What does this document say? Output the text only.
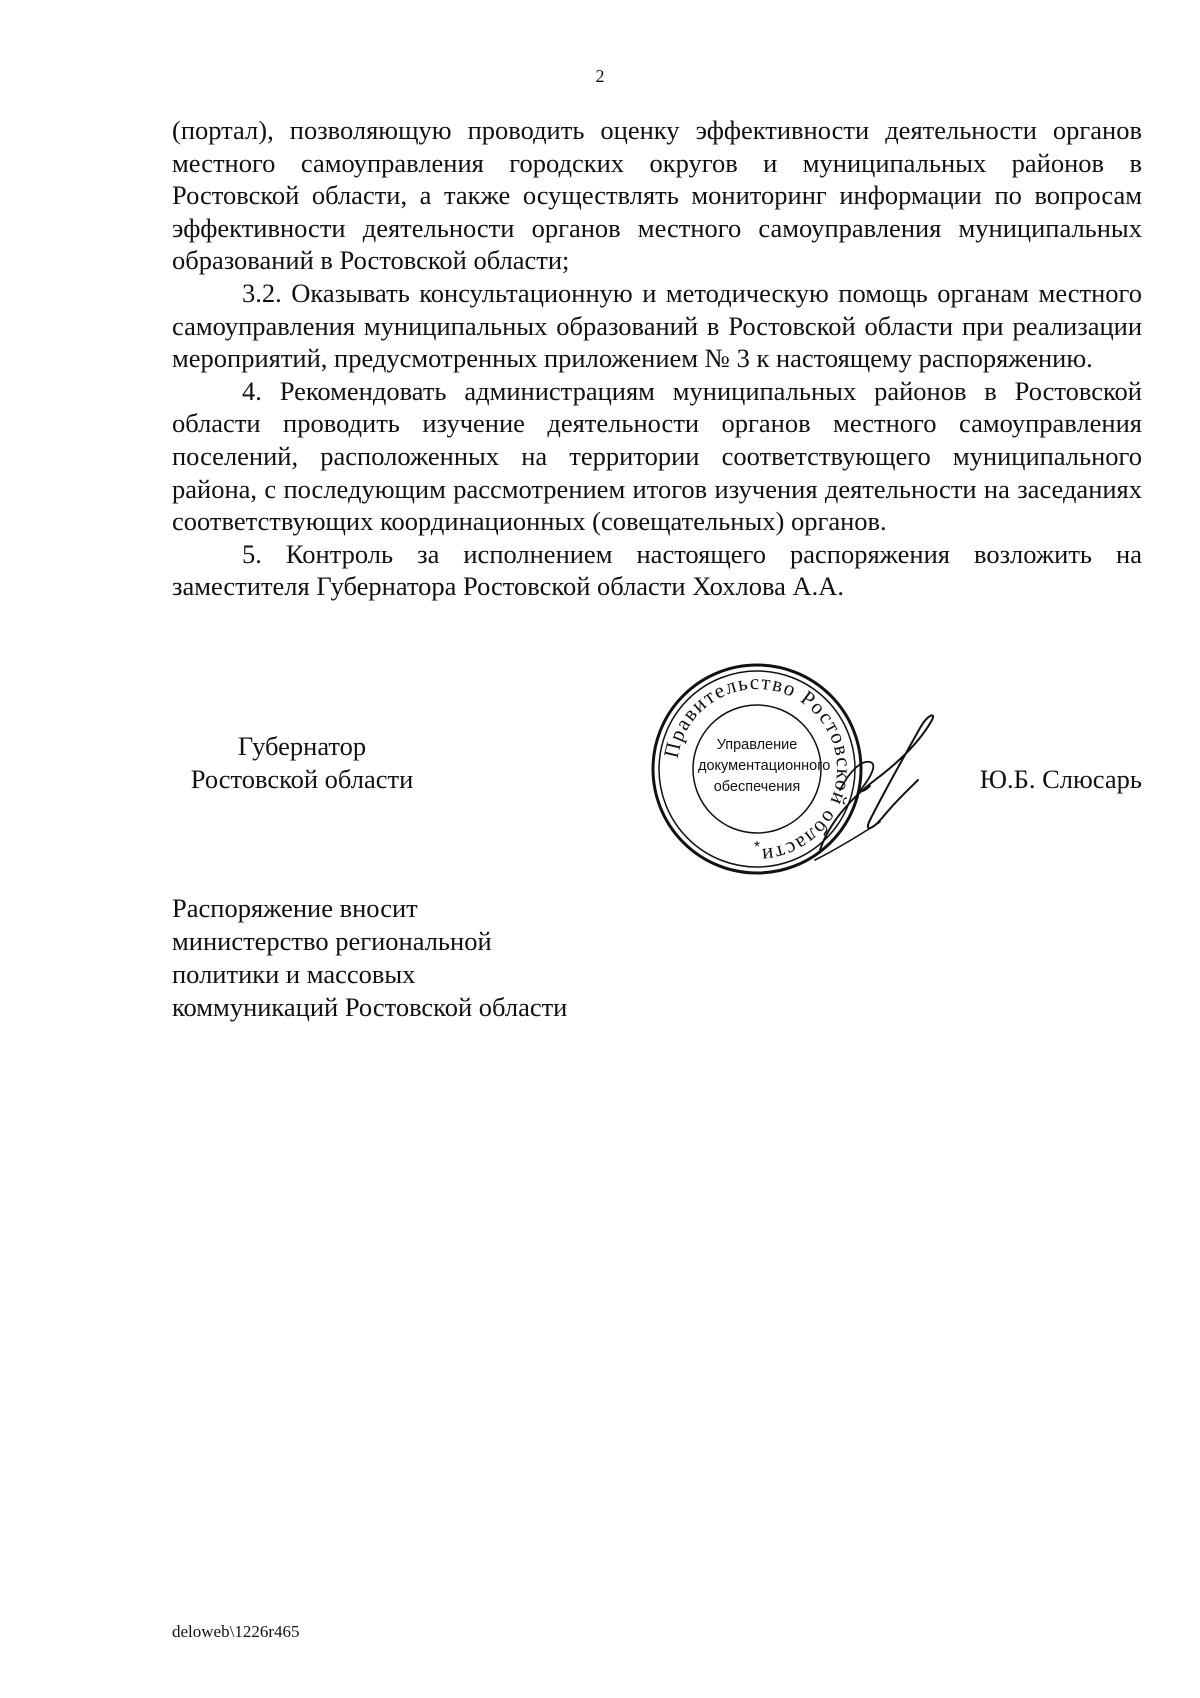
2

(портал), позволяющую проводить оценку эффективности деятельности органов местного самоуправления городских округов и муниципальных районов в Ростовской области, а также осуществлять мониторинг информации по вопросам эффективности деятельности органов местного самоуправления муниципальных образований в Ростовской области;

3.2. Оказывать консультационную и методическую помощь органам местного самоуправления муниципальных образований в Ростовской области при реализации мероприятий, предусмотренных приложением № 3 к настоящему распоряжению.

4. Рекомендовать администрациям муниципальных районов в Ростовской области проводить изучение деятельности органов местного самоуправления поселений, расположенных на территории соответствующего муниципального района, с последующим рассмотрением итогов изучения деятельности на заседаниях соответствующих координационных (совещательных) органов.

5. Контроль за исполнением настоящего распоряжения возложить на заместителя Губернатора Ростовской области Хохлова А.А.

Губернатор
Ростовской области	Ю.Б. Слюсарь
Правительство Ростовской области
*
Управление
документационного
обеспечения
Распоряжение вносит
министерство региональной
политики и массовых
коммуникаций Ростовской области
deloweb\1226r465
